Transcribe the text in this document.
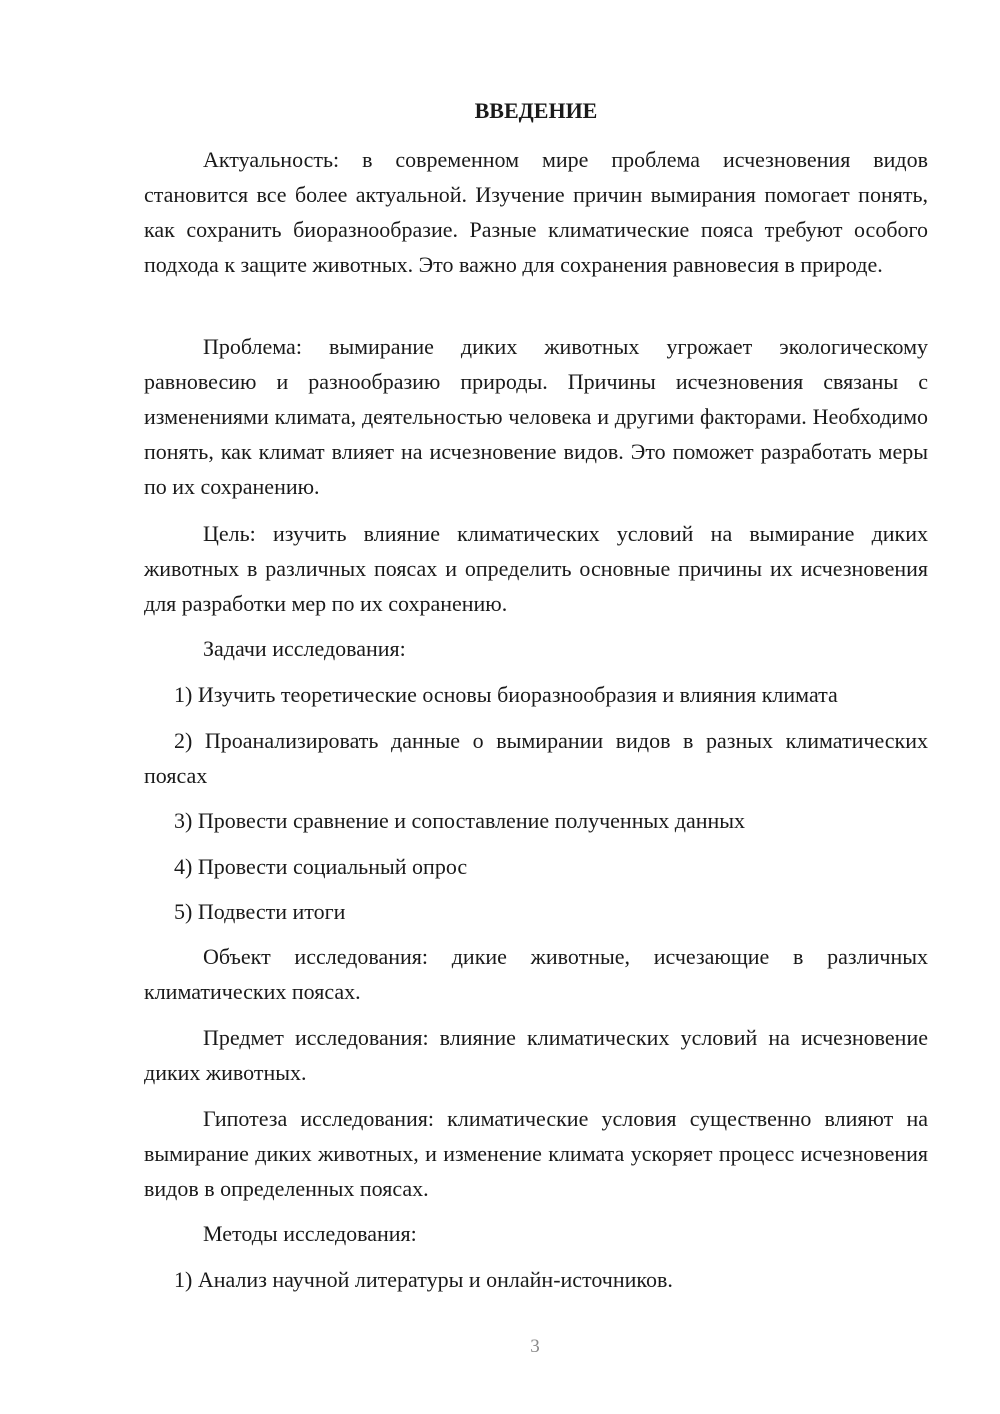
ВВЕДЕНИЕ
Актуальность: в современном мире проблема исчезновения видов становится все более актуальной. Изучение причин вымирания помогает понять, как сохранить биоразнообразие. Разные климатические пояса требуют особого подхода к защите животных. Это важно для сохранения равновесия в природе.
Проблема: вымирание диких животных угрожает экологическому равновесию и разнообразию природы. Причины исчезновения связаны с изменениями климата, деятельностью человека и другими факторами. Необходимо понять, как климат влияет на исчезновение видов. Это поможет разработать меры по их сохранению.
Цель: изучить влияние климатических условий на вымирание диких животных в различных поясах и определить основные причины их исчезновения для разработки мер по их сохранению.
Задачи исследования:
1) Изучить теоретические основы биоразнообразия и влияния климата
2) Проанализировать данные о вымирании видов в разных климатических поясах
3) Провести сравнение и сопоставление полученных данных
4) Провести социальный опрос
5) Подвести итоги
Объект исследования: дикие животные, исчезающие в различных климатических поясах.
Предмет исследования: влияние климатических условий на исчезновение диких животных.
Гипотеза исследования: климатические условия существенно влияют на вымирание диких животных, и изменение климата ускоряет процесс исчезновения видов в определенных поясах.
Методы исследования:
1) Анализ научной литературы и онлайн-источников.
3
